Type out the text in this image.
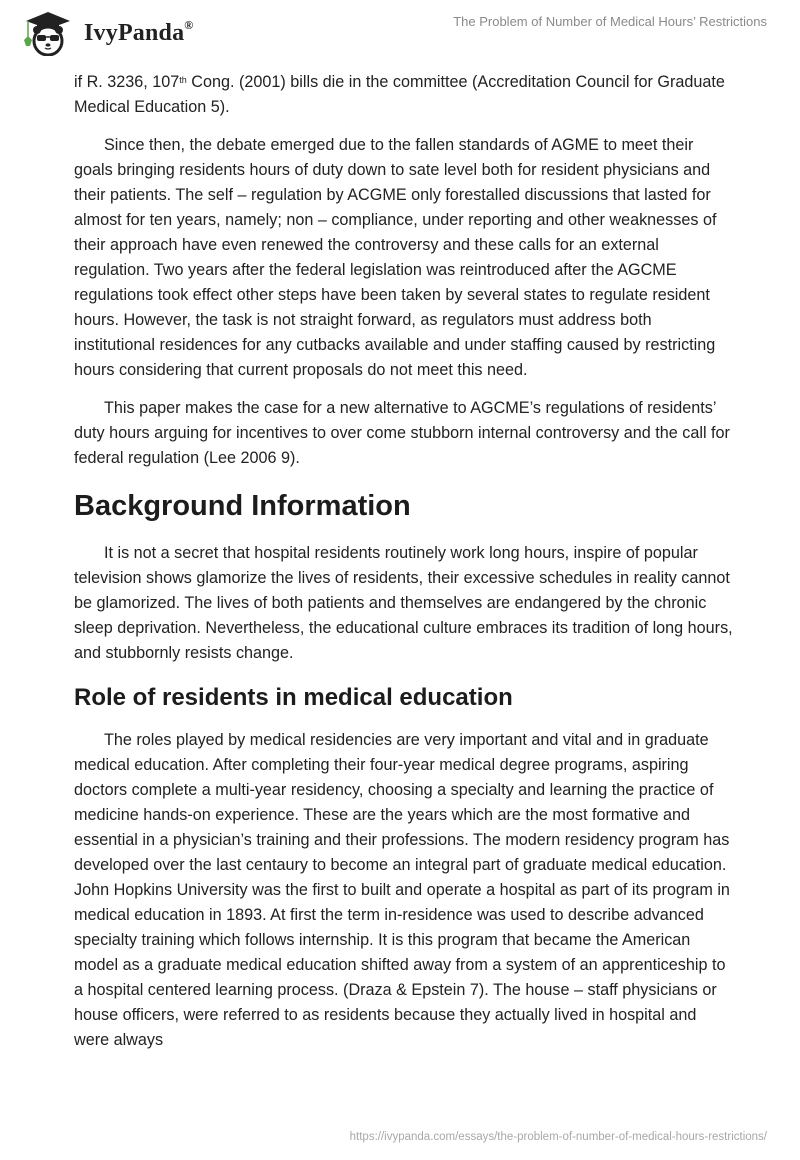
IvyPanda®	The Problem of Number of Medical Hours’ Restrictions

if R. 3236, 107th Cong. (2001) bills die in the committee (Accreditation Council for Graduate Medical Education 5).

Since then, the debate emerged due to the fallen standards of AGME to meet their goals bringing residents hours of duty down to sate level both for resident physicians and their patients. The self – regulation by ACGME only forestalled discussions that lasted for almost for ten years, namely; non – compliance, under reporting and other weaknesses of their approach have even renewed the controversy and these calls for an external regulation. Two years after the federal legislation was reintroduced after the AGCME regulations took effect other steps have been taken by several states to regulate resident hours. However, the task is not straight forward, as regulators must address both institutional residences for any cutbacks available and under staffing caused by restricting hours considering that current proposals do not meet this need.

This paper makes the case for a new alternative to AGCME’s regulations of residents’ duty hours arguing for incentives to over come stubborn internal controversy and the call for federal regulation (Lee 2006 9).

Background Information

It is not a secret that hospital residents routinely work long hours, inspire of popular television shows glamorize the lives of residents, their excessive schedules in reality cannot be glamorized. The lives of both patients and themselves are endangered by the chronic sleep deprivation. Nevertheless, the educational culture embraces its tradition of long hours, and stubbornly resists change.

Role of residents in medical education

The roles played by medical residencies are very important and vital and in graduate medical education. After completing their four-year medical degree programs, aspiring doctors complete a multi-year residency, choosing a specialty and learning the practice of medicine hands-on experience. These are the years which are the most formative and essential in a physician’s training and their professions. The modern residency program has developed over the last centaury to become an integral part of graduate medical education. John Hopkins University was the first to built and operate a hospital as part of its program in medical education in 1893. At first the term in-residence was used to describe advanced specialty training which follows internship. It is this program that became the American model as a graduate medical education shifted away from a system of an apprenticeship to a hospital centered learning process. (Draza & Epstein 7). The house – staff physicians or house officers, were referred to as residents because they actually lived in hospital and were always

https://ivypanda.com/essays/the-problem-of-number-of-medical-hours-restrictions/
